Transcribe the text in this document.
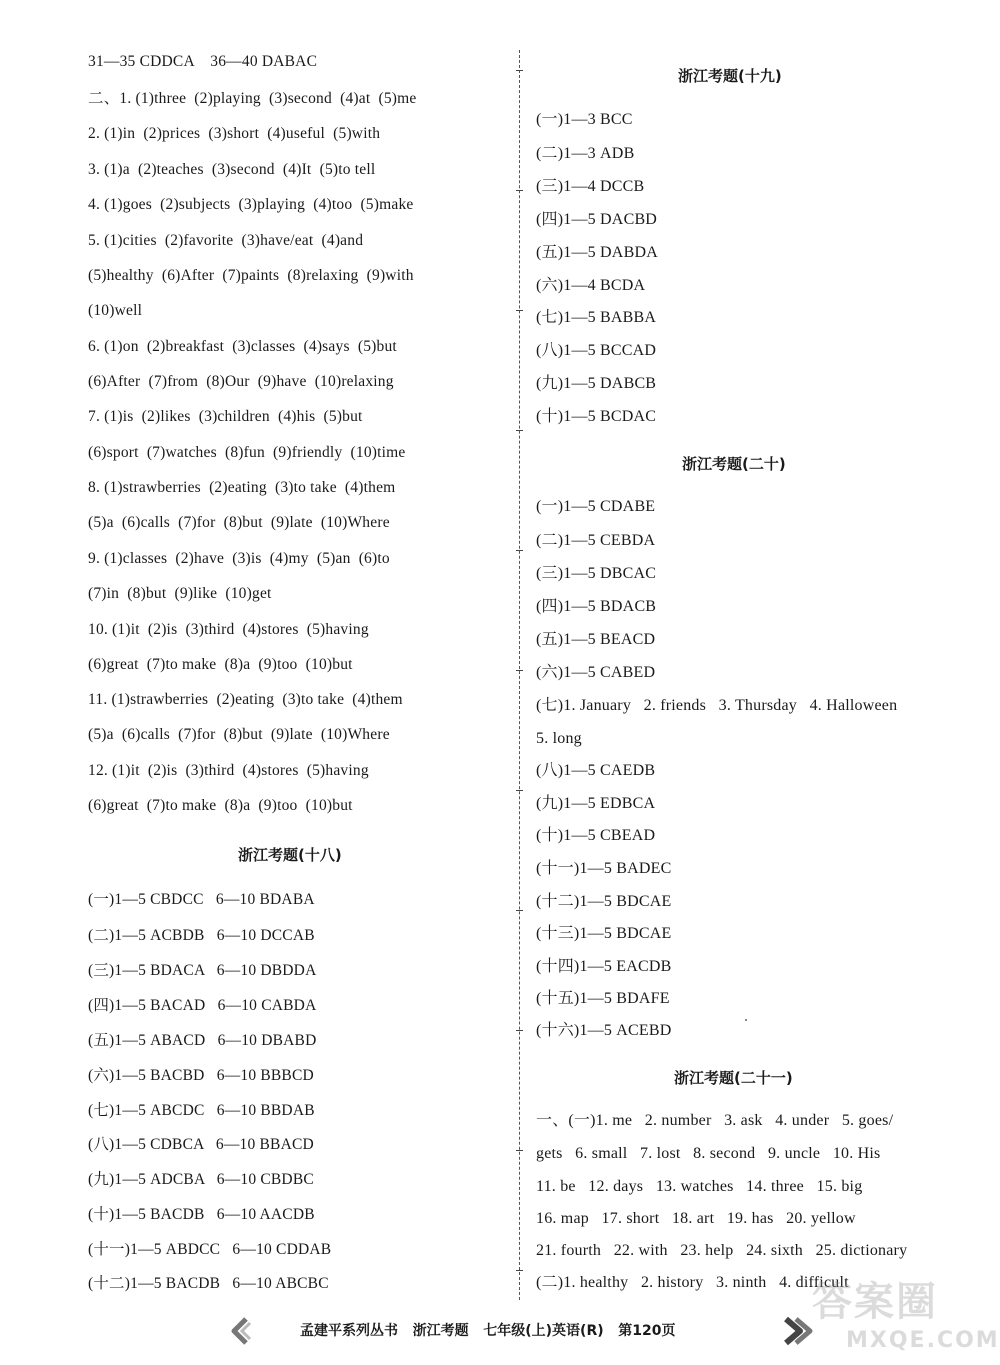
31—35 CDDCA    36—40 DABAC
二、1. (1)three  (2)playing  (3)second  (4)at  (5)me
2. (1)in  (2)prices  (3)short  (4)useful  (5)with
3. (1)a  (2)teaches  (3)second  (4)It  (5)to tell
4. (1)goes  (2)subjects  (3)playing  (4)too  (5)make
5. (1)cities  (2)favorite  (3)have/eat  (4)and
(5)healthy  (6)After  (7)paints  (8)relaxing  (9)with
(10)well
6. (1)on  (2)breakfast  (3)classes  (4)says  (5)but
(6)After  (7)from  (8)Our  (9)have  (10)relaxing
7. (1)is  (2)likes  (3)children  (4)his  (5)but
(6)sport  (7)watches  (8)fun  (9)friendly  (10)time
8. (1)strawberries  (2)eating  (3)to take  (4)them
(5)a  (6)calls  (7)for  (8)but  (9)late  (10)Where
9. (1)classes  (2)have  (3)is  (4)my  (5)an  (6)to
(7)in  (8)but  (9)like  (10)get
10. (1)it  (2)is  (3)third  (4)stores  (5)having
(6)great  (7)to make  (8)a  (9)too  (10)but
11. (1)strawberries  (2)eating  (3)to take  (4)them
(5)a  (6)calls  (7)for  (8)but  (9)late  (10)Where
12. (1)it  (2)is  (3)third  (4)stores  (5)having
(6)great  (7)to make  (8)a  (9)too  (10)but
浙江考题(十八)
(一)1—5 CBDCC   6—10 BDABA
(二)1—5 ACBDB   6—10 DCCAB
(三)1—5 BDACA   6—10 DBDDA
(四)1—5 BACAD   6—10 CABDA
(五)1—5 ABACD   6—10 DBABD
(六)1—5 BACBD   6—10 BBBCD
(七)1—5 ABCDC   6—10 BBDAB
(八)1—5 CDBCA   6—10 BBACD
(九)1—5 ADCBA   6—10 CBDBC
(十)1—5 BACDB   6—10 AACDB
(十一)1—5 ABDCC   6—10 CDDAB
(十二)1—5 BACDB   6—10 ABCBC
浙江考题(十九)
(一)1—3 BCC
(二)1—3 ADB
(三)1—4 DCCB
(四)1—5 DACBD
(五)1—5 DABDA
(六)1—4 BCDA
(七)1—5 BABBA
(八)1—5 BCCAD
(九)1—5 DABCB
(十)1—5 BCDAC
浙江考题(二十)
(一)1—5 CDABE
(二)1—5 CEBDA
(三)1—5 DBCAC
(四)1—5 BDACB
(五)1—5 BEACD
(六)1—5 CABED
(七)1. January   2. friends   3. Thursday   4. Halloween
5. long
(八)1—5 CAEDB
(九)1—5 EDBCA
(十)1—5 CBEAD
(十一)1—5 BADEC
(十二)1—5 BDCAE
(十三)1—5 BDCAE
(十四)1—5 EACDB
(十五)1—5 BDAFE
(十六)1—5 ACEBD
浙江考题(二十一)
一、(一)1. me   2. number   3. ask   4. under   5. goes/
gets   6. small   7. lost   8. second   9. uncle   10. His
11. be   12. days   13. watches   14. three   15. big
16. map   17. short   18. art   19. has   20. yellow
21. fourth   22. with   23. help   24. sixth   25. dictionary
(二)1. healthy   2. history   3. ninth   4. difficult
孟建平系列丛书   浙江考题   七年级(上)英语(R)   第120页
答案圈
MXQE.COM
